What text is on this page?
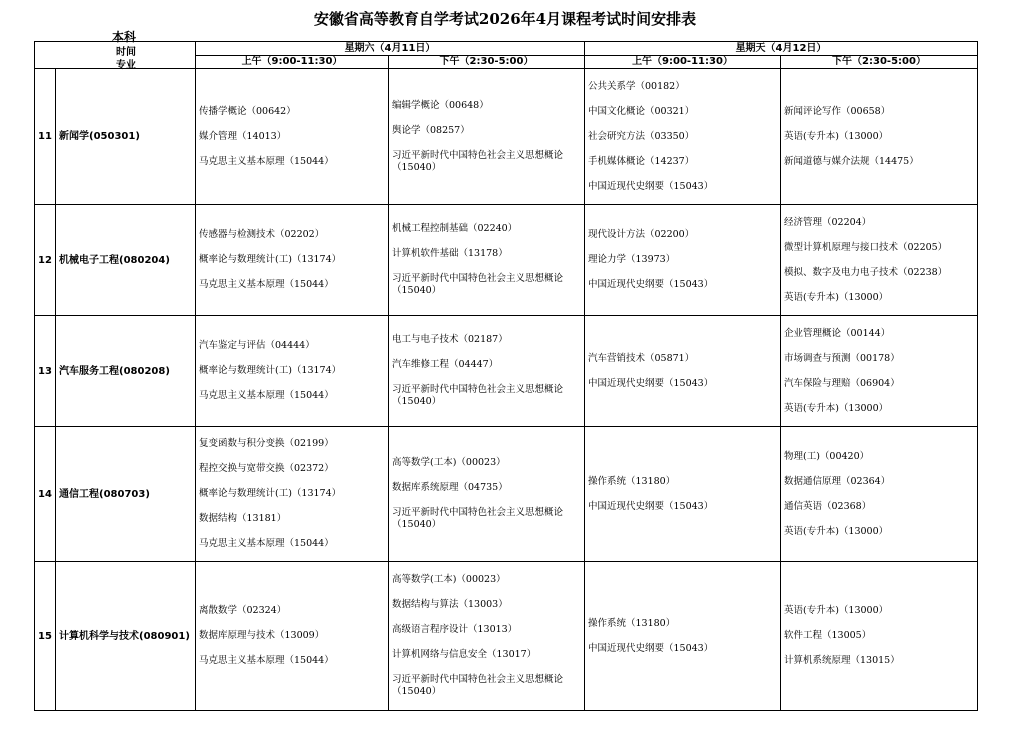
安徽省高等教育自学考试2026年4月课程考试时间安排表
本科
时间
专业		星期六（4月11日）		星期天（4月12日）	
		上午（9:00-11:30）	下午（2:30-5:00）	上午（9:00-11:30）	下午（2:30-5:00）
11	新闻学(050301)	传播学概论（00642）
媒介管理（14013）
马克思主义基本原理（15044）	编辑学概论（00648）
舆论学（08257）
习近平新时代中国特色社会主义思想概论（15040）	公共关系学（00182）
中国文化概论（00321）
社会研究方法（03350）
手机媒体概论（14237）
中国近现代史纲要（15043）	新闻评论写作（00658）
英语(专升本)（13000）
新闻道德与媒介法规（14475）

12	机械电子工程(080204)	传感器与检测技术（02202）
概率论与数理统计(工)（13174）
马克思主义基本原理（15044）	机械工程控制基础（02240）
计算机软件基础（13178）
习近平新时代中国特色社会主义思想概论（15040）	现代设计方法（02200）
理论力学（13973）
中国近现代史纲要（15043）	经济管理（02204）
微型计算机原理与接口技术（02205）
模拟、数字及电力电子技术（02238）
英语(专升本)（13000）

13	汽车服务工程(080208)	汽车鉴定与评估（04444）
概率论与数理统计(工)（13174）
马克思主义基本原理（15044）	电工与电子技术（02187）
汽车维修工程（04447）
习近平新时代中国特色社会主义思想概论（15040）	汽车营销技术（05871）
中国近现代史纲要（15043）	企业管理概论（00144）
市场调查与预测（00178）
汽车保险与理赔（06904）
英语(专升本)（13000）

14	通信工程(080703)	复变函数与积分变换（02199）
程控交换与宽带交换（02372）
概率论与数理统计(工)（13174）
数据结构（13181）
马克思主义基本原理（15044）	高等数学(工本)（00023）
数据库系统原理（04735）
习近平新时代中国特色社会主义思想概论（15040）	操作系统（13180）
中国近现代史纲要（15043）	物理(工)（00420）
数据通信原理（02364）
通信英语（02368）
英语(专升本)（13000）

15	计算机科学与技术(080901)	离散数学（02324）
数据库原理与技术（13009）
马克思主义基本原理（15044）	高等数学(工本)（00023）
数据结构与算法（13003）
高级语言程序设计（13013）
计算机网络与信息安全（13017）
习近平新时代中国特色社会主义思想概论（15040）	操作系统（13180）
中国近现代史纲要（15043）	英语(专升本)（13000）
软件工程（13005）
计算机系统原理（13015）
